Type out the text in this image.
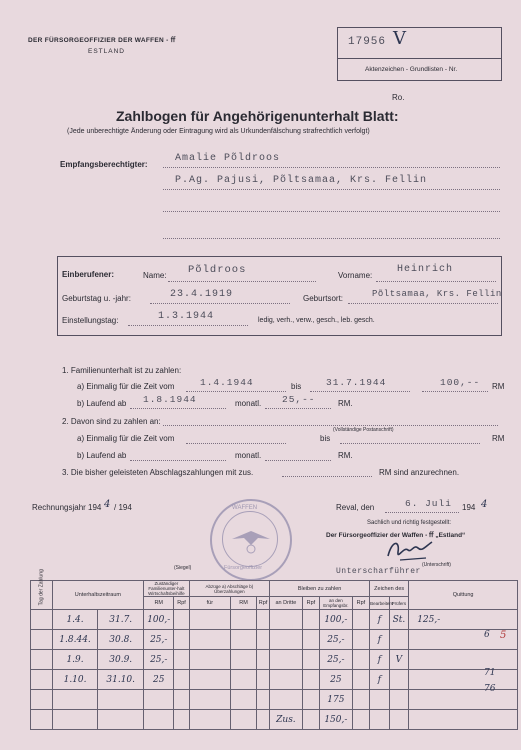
DER FÜRSORGEOFFIZIER DER WAFFEN - ﬀ
ESTLAND
17956 V
Aktenzeichen - Grundlisten - Nr.
Ro.
Zahlbogen für Angehörigenunterhalt Blatt:
(Jede unberechtigte Änderung oder Eintragung wird als Urkundenfälschung strafrechtlich verfolgt)
Empfangsberechtigter:
Amalie Põldroos
P.Ag. Pajusi, Põltsamaa, Krs. Fellin
Einberufener:	Name: Põldroos	Vorname:
Heinrich
Geburtstag u. -jahr:	23.4.1919	Geburtsort:	Põltsamaa, Krs. Fellin
Einstellungstag:	1.3.1944	ledig, verh., verw., gesch., leb. gesch.
1. Familienunterhalt ist zu zahlen:
a) Einmalig für die Zeit vom	1.4.1944	bis	31.7.1944	100,-- RM
b) Laufend ab 1.8.1944	monatl. 25,--	RM.
2. Davon sind zu zahlen an:
(Vollständige Postanschrift)
a) Einmalig für die Zeit vom	bis	RM
b) Laufend ab	monatl.	RM.
3. Die bisher geleisteten Abschlagszahlungen mit zus.	RM sind anzurechnen.
Rechnungsjahr 194 4 / 194	Reval, den	6. Juli 194 4
Sachlich und richtig festgestellt:
Der Fürsorgeoffizier der Waffen - ﬀ „Estland“
WAFFEN
Fürsorgeoffizier
(Siegel)	(Unterschrift)
Unterscharführer
Tag der Zahlung	Unterhaltszeitraum		Zuständiger Familienunter-halt Wirtschaftsbeihilfe		Abzüge a) Abschläge b) Überzahlungen			Bleiben zu zahlen				Zeichen des		Quittung
			RM	Rpf	für	RM	Rpf	an Dritte	Rpf	an den Empfangsbr.	Rpf	Bearbeiters	Prüfers	
	1.4.	31.7.	100,-							100,-		f	St.	125,-
	1.8.44.	30.8.	25,-							25,-		f		
	1.9.	30.9.	25,-							25,-		f	V	
	1.10.	31.10.	25							25		f		
										175				
								Zus.		150,-				
6 5
71
76
